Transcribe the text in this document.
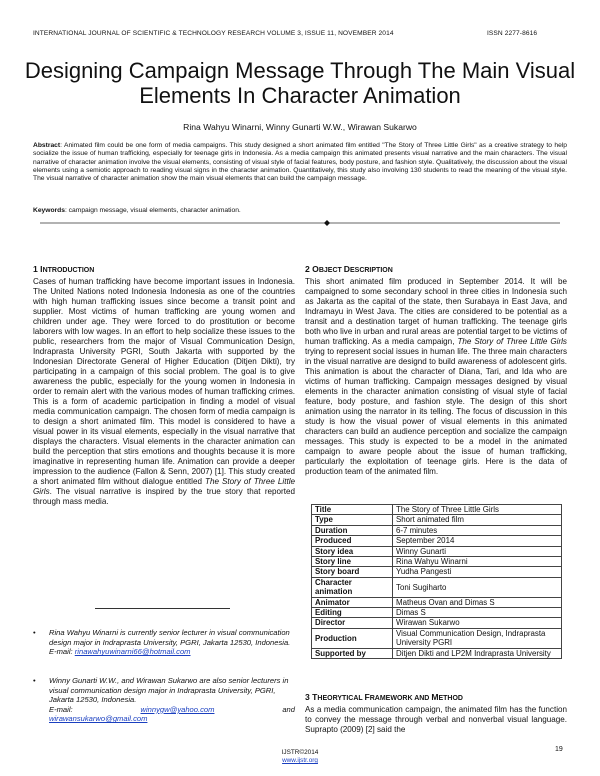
INTERNATIONAL JOURNAL OF SCIENTIFIC & TECHNOLOGY RESEARCH VOLUME 3, ISSUE 11, NOVEMBER 2014	ISSN 2277-8616
Designing Campaign Message Through The Main Visual Elements In Character Animation
Rina Wahyu Winarni, Winny Gunarti W.W., Wirawan Sukarwo
Abstract: Animated film could be one form of media campaigns. This study designed a short animated film entitled "The Story of Three Little Girls" as a creative strategy to help socialize the issue of human trafficking, especially for teenage girls in Indonesia. As a media campaign this animated presents visual narrative and the main characters. The visual narrative of character animation involve the visual elements, consisting of visual style of facial features, body posture, and fashion style. Qualitatively, the discussion about the visual elements using a semiotic approach to reading visual signs in the character animation. Quantitatively, this study also involving 130 students to read the meaning of the visual style. The visual narrative of character animation show the main visual elements that can build the campaign message.
Keywords: campaign message, visual elements, character animation.
1 INTRODUCTION

Cases of human trafficking have become important issues in Indonesia. The United Nations noted Indonesia Indonesia as one of the countries with high human trafficking issues since become a transit point and supplier. Most victims of human trafficking are young women and children under age. They were forced to do prostitution or become laborers with low wages. In an effort to help socialize these issues to the public, researchers from the major of Visual Communication Design, Indraprasta University PGRI, South Jakarta with supported by the Indonesian Directorate General of Higher Education (Ditjen Dikti), try participating in a campaign of this social problem. The goal is to give awareness the public, especially for the young women in Indonesia in order to remain alert with the various modes of human trafficking crimes. This is a form of academic participation in finding a model of visual media communication campaign. The chosen form of media campaign is to design a short animated film. This model is considered to have a visual power in its visual elements, especially in the visual narrative that displays the characters. Visual elements in the character animation can build the perception that stirs emotions and thoughts because it is more imaginative in representing human life. Animation can provide a deeper impression to the audience (Fallon & Senn, 2007) [1]. This study created a short animated film without dialogue entitled The Story of Three Little Girls. The visual narrative is inspired by the true story that reported through mass media.

• Rina Wahyu Winarni is currently senior lecturer in visual communication design major in Indraprasta University, PGRI, Jakarta 12530, Indonesia.
E-mail: rinawahyuwinarni66@hotmail.com
• Winny Gunarti W.W., and Wirawan Sukarwo are also senior lecturers in visual communication design major in Indraprasta University, PGRI, Jakarta 12530, Indonesia.

E-mail:	winnygw@yahoo.com	and
wirawansukarwo@gmail.com
2 OBJECT DESCRIPTION

This short animated film produced in September 2014. It will be campaigned to some secondary school in three cities in Indonesia such as Jakarta as the capital of the state, then Surabaya in East Java, and Indramayu in West Java. The cities are considered to be potential as a transit and a destination target of human trafficking. The teenage girls both who live in urban and rural areas are potential target to be victims of human trafficking. As a media campaign, The Story of Three Little Girls trying to represent social issues in human life. The three main characters in the visual narrative are designd to build awareness of adolescent girls. This animation is about the character of Diana, Tari, and Ida who are victims of human trafficking. Campaign messages designed by visual elements in the character animation consisting of visual style of facial feature, body posture, and fashion style. The design of this short animation using the narrator in its telling. The focus of discussion in this study is how the visual power of visual elements in this animated characters can build an audience perception and socialize the campaign messages. This study is expected to be a model in the animated campaign to aware people about the issue of human trafficking, particularly the exploitation of teenage girls. Here is the data of production team of the animated film.

Title	The Story of Three Little Girls
Type	Short animated film
Duration	6-7 minutes
Produced	September 2014
Story idea	Winny Gunarti
Story line	Rina Wahyu Winarni
Story board	Yudha Pangesti
Character animation	Toni Sugiharto
Animator	Matheus Ovan and Dimas S
Editing	Dimas S
Director	Wirawan Sukarwo
Production	Visual Communication Design, Indraprasta University PGRI
Supported by	Ditjen Dikti and LP2M Indraprasta University
3 THEORYTICAL FRAMEWORK AND METHOD

As a media communication campaign, the animated film has the function to convey the message through verbal and nonverbal visual language. Suprapto (2009) [2] said the

19
IJSTR©2014
www.ijstr.org
